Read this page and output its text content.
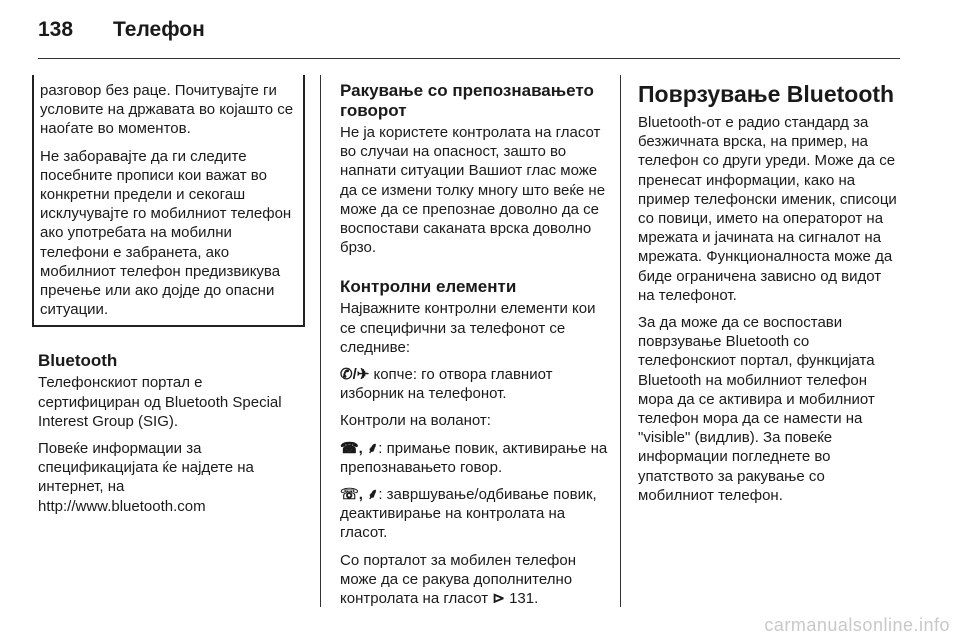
138 Телефон

разговор без раце. Почитувајте ги условите на државата во којашто се наоѓате во моментов.

Не заборавајте да ги следите посебните прописи кои важат во конкретни предели и секогаш исклучувајте го мобилниот телефон ако употребата на мобилни телефони е забранета, ако мобилниот телефон предизвикува пречење или ако дојде до опасни ситуации.

Bluetooth

Телефонскиот портал е сертифициран од Bluetooth Special Interest Group (SIG).

Повеќе информации за спецификацијата ќе најдете на интернет, на

http://www.bluetooth.com

Ракување со препознавањето говорот

Не ја користете контролата на гласот во случаи на опасност, зашто во напнати ситуации Вашиот глас може да се измени толку многу што веќе не може да се препознае доволно да се воспостави саканата врска доволно брзо.

Контролни елементи

Најважните контролни елементи кои се специфични за телефонот се следниве:

✆/✈ копче: го отвора главниот изборник на телефонот.

Контроли на воланот:

☎, ⸙: примање повик, активирање на препознавањето говор.

☏, ⸙: завршување/одбивање повик, деактивирање на контролата на гласот.

Со порталот за мобилен телефон може да се ракува дополнително контролата на гласот ⊳ 131.

Поврзување Bluetooth

Bluetooth-от е радио стандард за безжичната врска, на пример, на телефон со други уреди. Може да се пренесат информации, како на пример телефонски именик, списоци со повици, името на операторот на мрежата и јачината на сигналот на мрежата. Функционалноста може да биде ограничена зависно од видот на телефонот.

За да може да се воспостави поврзување Bluetooth со телефонскиот портал, функцијата Bluetooth на мобилниот телефон мора да се активира и мобилниот телефон мора да се намести на "visible" (видлив). За повеќе информации погледнете во упатството за ракување со мобилниот телефон.

carmanualsonline.info
